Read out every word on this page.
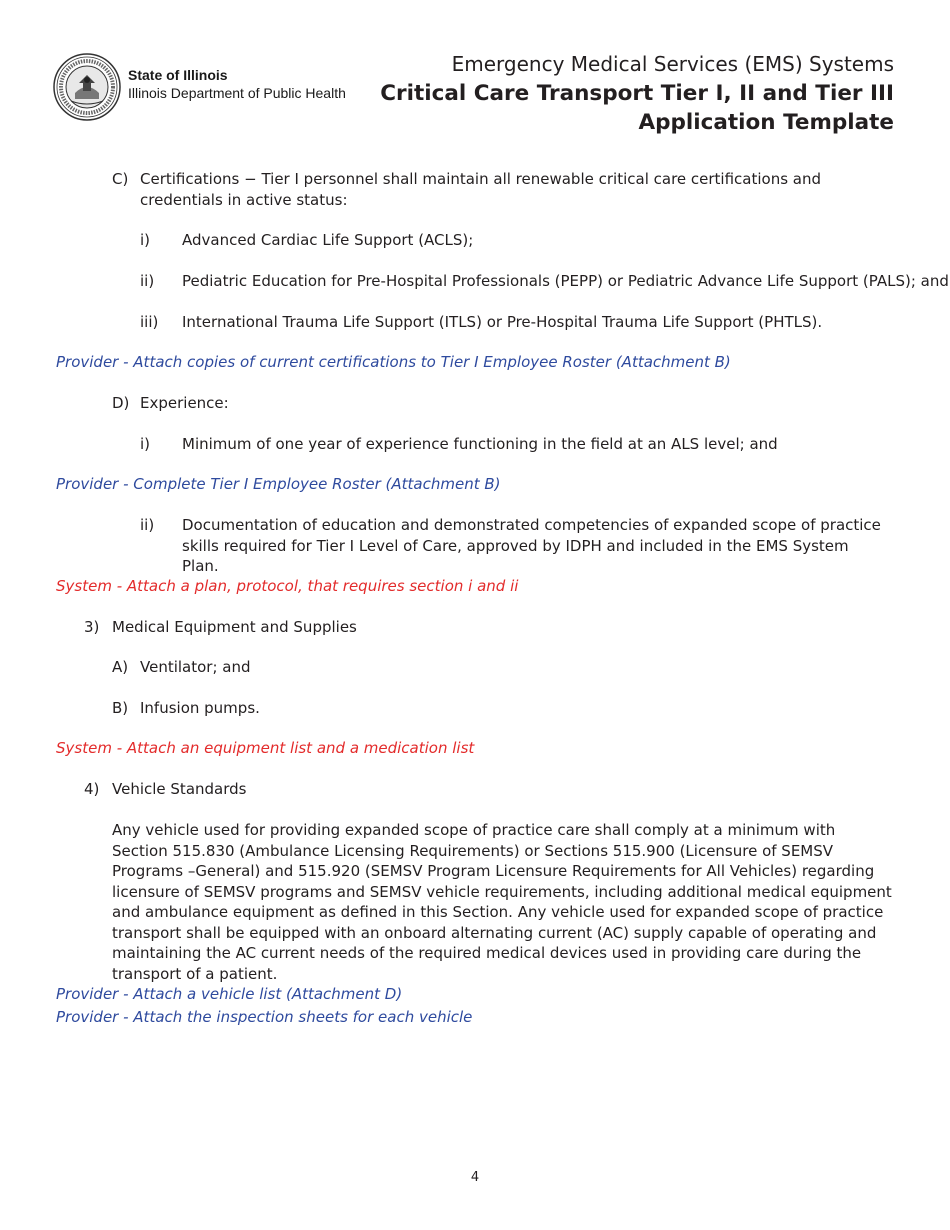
State of Illinois
Illinois Department of Public Health
Emergency Medical Services (EMS) Systems
Critical Care Transport Tier I, II and Tier III
Application Template
C) Certifications − Tier I personnel shall maintain all renewable critical care certifications and credentials in active status:
i) Advanced Cardiac Life Support (ACLS);
ii) Pediatric Education for Pre-Hospital Professionals (PEPP) or Pediatric Advance Life Support (PALS); and
iii) International Trauma Life Support (ITLS) or Pre-Hospital Trauma Life Support (PHTLS).
Provider - Attach copies of current certifications to Tier I Employee Roster (Attachment B)
D) Experience:
i) Minimum of one year of experience functioning in the field at an ALS level; and
Provider - Complete Tier I Employee Roster (Attachment B)
ii) Documentation of education and demonstrated competencies of expanded scope of practice skills required for Tier I Level of Care, approved by IDPH and included in the EMS System Plan.
System - Attach a plan, protocol, that requires section i and ii
3) Medical Equipment and Supplies
A) Ventilator; and
B) Infusion pumps.
System - Attach an equipment list and a medication list
4) Vehicle Standards
Any vehicle used for providing expanded scope of practice care shall comply at a minimum with Section 515.830 (Ambulance Licensing Requirements) or Sections 515.900 (Licensure of SEMSV Programs –General) and 515.920 (SEMSV Program Licensure Requirements for All Vehicles) regarding licensure of SEMSV programs and SEMSV vehicle requirements, including additional medical equipment and ambulance equipment as defined in this Section. Any vehicle used for expanded scope of practice transport shall be equipped with an onboard alternating current (AC) supply capable of operating and maintaining the AC current needs of the required medical devices used in providing care during the transport of a patient.
Provider - Attach a vehicle list (Attachment D)
Provider - Attach the inspection sheets for each vehicle
4
